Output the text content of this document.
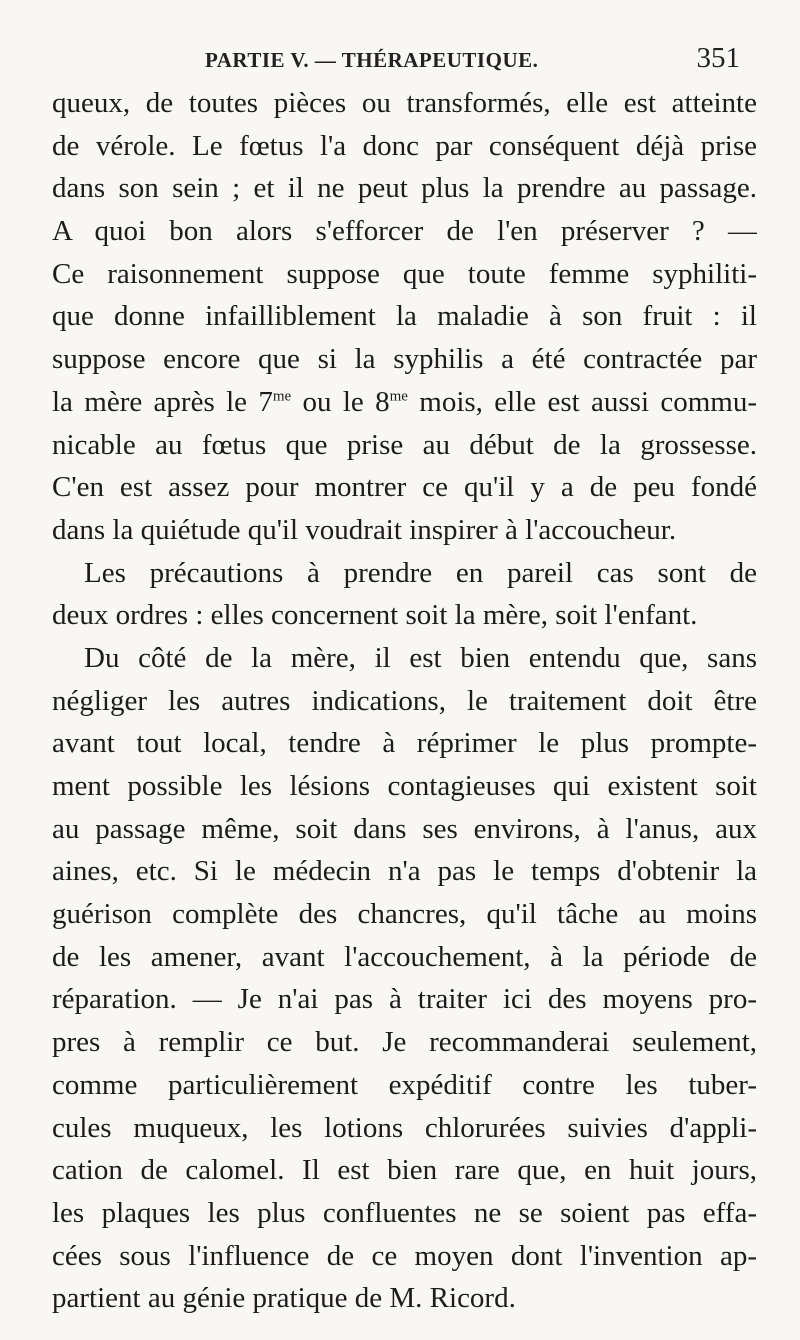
PARTIE V. — THÉRAPEUTIQUE.	351
queux, de toutes pièces ou transformés, elle est atteinte
de vérole. Le fœtus l'a donc par conséquent déjà prise
dans son sein ; et il ne peut plus la prendre au passage.
A quoi bon alors s'efforcer de l'en préserver ? —
Ce raisonnement suppose que toute femme syphiliti-
que donne infailliblement la maladie à son fruit : il
suppose encore que si la syphilis a été contractée par
la mère après le $7^{me}$ ou le $8^{me}$ mois, elle est aussi commu-
nicable au fœtus que prise au début de la grossesse.
C'en est assez pour montrer ce qu'il y a de peu fondé
dans la quiétude qu'il voudrait inspirer à l'accoucheur.
Les précautions à prendre en pareil cas sont de
deux ordres : elles concernent soit la mère, soit l'enfant.
Du côté de la mère, il est bien entendu que, sans
négliger les autres indications, le traitement doit être
avant tout local, tendre à réprimer le plus prompte-
ment possible les lésions contagieuses qui existent soit
au passage même, soit dans ses environs, à l'anus, aux
aines, etc. Si le médecin n'a pas le temps d'obtenir la
guérison complète des chancres, qu'il tâche au moins
de les amener, avant l'accouchement, à la période de
réparation. — Je n'ai pas à traiter ici des moyens pro-
pres à remplir ce but. Je recommanderai seulement,
comme particulièrement expéditif contre les tuber-
cules muqueux, les lotions chlorurées suivies d'appli-
cation de calomel. Il est bien rare que, en huit jours,
les plaques les plus confluentes ne se soient pas effa-
cées sous l'influence de ce moyen dont l'invention ap-
partient au génie pratique de M. Ricord.
